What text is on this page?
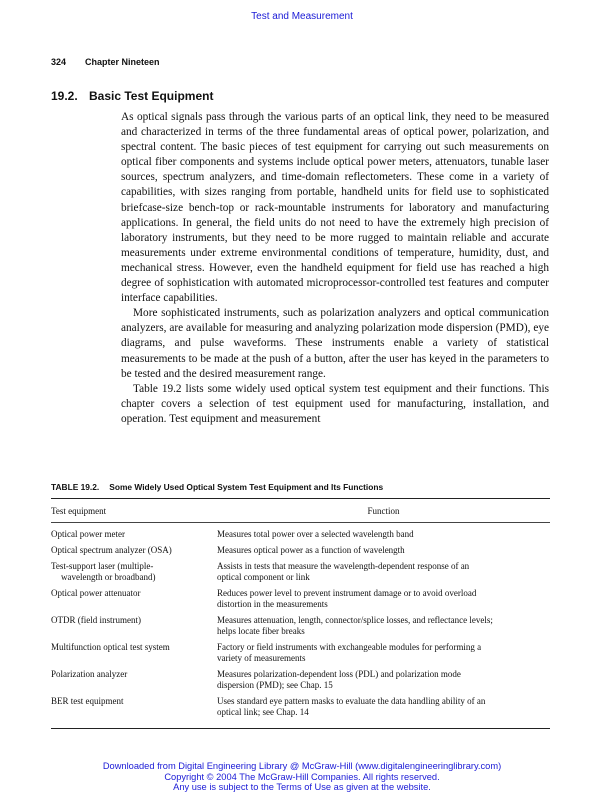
Test and Measurement
324 Chapter Nineteen
19.2. Basic Test Equipment

As optical signals pass through the various parts of an optical link, they need to be measured and characterized in terms of the three fundamental areas of optical power, polarization, and spectral content. The basic pieces of test equipment for carrying out such measurements on optical fiber components and systems include optical power meters, attenuators, tunable laser sources, spectrum analyzers, and time-domain reflectometers. These come in a variety of capabilities, with sizes ranging from portable, handheld units for field use to sophisticated briefcase-size bench-top or rack-mountable instruments for laboratory and manufacturing applications. In general, the field units do not need to have the extremely high precision of laboratory instruments, but they need to be more rugged to maintain reliable and accurate measurements under extreme environmental conditions of temperature, humidity, dust, and mechanical stress. However, even the handheld equipment for field use has reached a high degree of sophistication with automated microprocessor-controlled test features and computer interface capabilities.

More sophisticated instruments, such as polarization analyzers and optical communication analyzers, are available for measuring and analyzing polarization mode dispersion (PMD), eye diagrams, and pulse waveforms. These instruments enable a variety of statistical measurements to be made at the push of a button, after the user has keyed in the parameters to be tested and the desired measurement range.

Table 19.2 lists some widely used optical system test equipment and their functions. This chapter covers a selection of test equipment used for manufacturing, installation, and operation. Test equipment and measurement

TABLE 19.2. Some Widely Used Optical System Test Equipment and Its Functions
Test equipment	Function
Optical power meter	Measures total power over a selected wavelength band
Optical spectrum analyzer (OSA)	Measures optical power as a function of wavelength
Test-support laser (multiple-
wavelength or broadband)	Assists in tests that measure the wavelength-dependent response of an
optical component or link
Optical power attenuator	Reduces power level to prevent instrument damage or to avoid overload
distortion in the measurements
OTDR (field instrument)	Measures attenuation, length, connector/splice losses, and reflectance levels;
helps locate fiber breaks
Multifunction optical test system	Factory or field instruments with exchangeable modules for performing a
variety of measurements
Polarization analyzer	Measures polarization-dependent loss (PDL) and polarization mode
dispersion (PMD); see Chap. 15
BER test equipment	Uses standard eye pattern masks to evaluate the data handling ability of an
optical link; see Chap. 14
Downloaded from Digital Engineering Library @ McGraw-Hill (www.digitalengineeringlibrary.com)
Copyright © 2004 The McGraw-Hill Companies. All rights reserved.
Any use is subject to the Terms of Use as given at the website.
